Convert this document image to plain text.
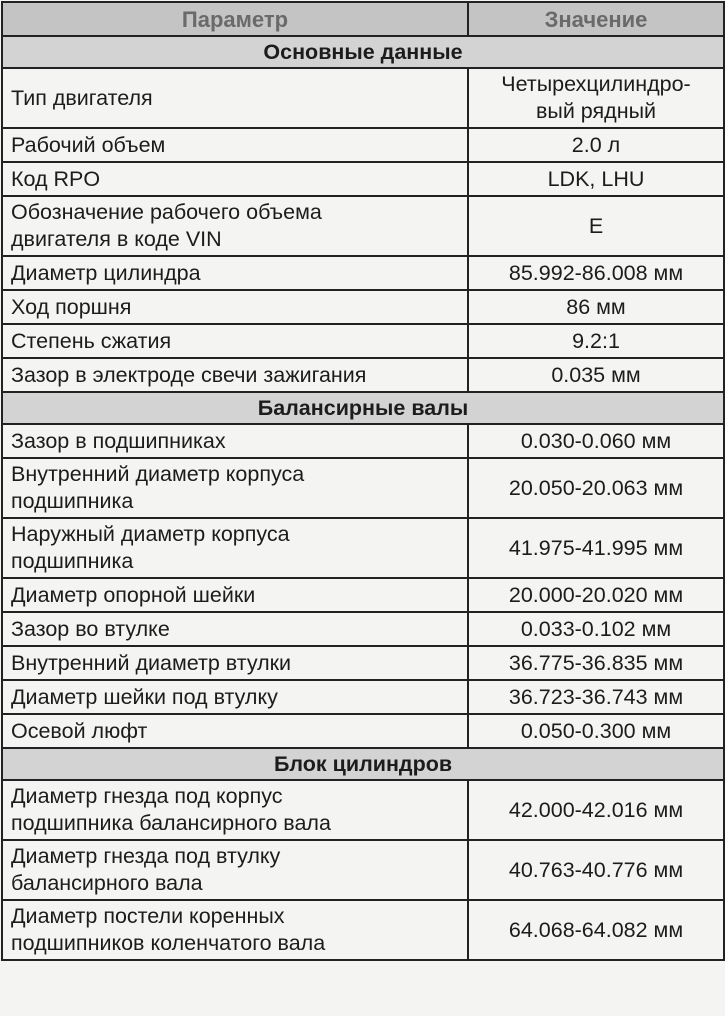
Параметр	Значение
Основные данные	
Тип двигателя	Четырехцилиндро-
вый рядный
Рабочий объем	2.0 л
Код RPO	LDK, LHU
Обозначение рабочего объема
двигателя в коде VIN	E
Диаметр цилиндра	85.992-86.008 мм
Ход поршня	86 мм
Степень сжатия	9.2:1
Зазор в электроде свечи зажигания	0.035 мм
Балансирные валы	
Зазор в подшипниках	0.030-0.060 мм
Внутренний диаметр корпуса
подшипника	20.050-20.063 мм
Наружный диаметр корпуса
подшипника	41.975-41.995 мм
Диаметр опорной шейки	20.000-20.020 мм
Зазор во втулке	0.033-0.102 мм
Внутренний диаметр втулки	36.775-36.835 мм
Диаметр шейки под втулку	36.723-36.743 мм
Осевой люфт	0.050-0.300 мм
Блок цилиндров	
Диаметр гнезда под корпус
подшипника балансирного вала	42.000-42.016 мм
Диаметр гнезда под втулку
балансирного вала	40.763-40.776 мм
Диаметр постели коренных
подшипников коленчатого вала	64.068-64.082 мм
